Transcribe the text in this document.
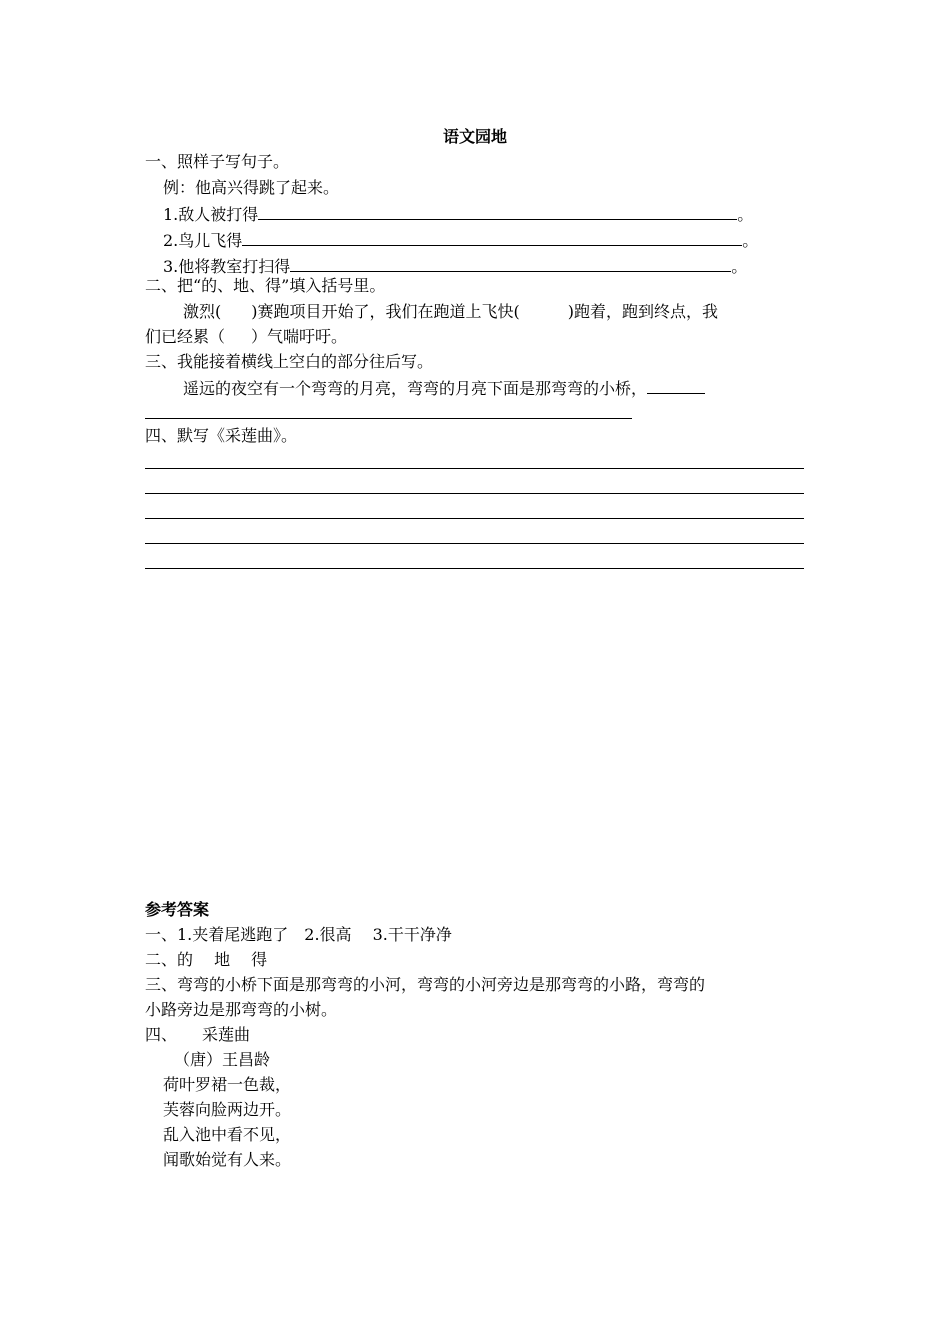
语文园地
一、照样子写句子。
例：他高兴得跳了起来。
1.敌人被打得	。
2.鸟儿飞得	。
3.他将教室打扫得	。
二、把“的、地、得”填入括号里。
激烈( )赛跑项目开始了，我们在跑道上飞快(	)跑着，跑到终点，我
们已经累（ ）气喘吁吁。
三、我能接着横线上空白的部分往后写。
遥远的夜空有一个弯弯的月亮，弯弯的月亮下面是那弯弯的小桥，
四、默写《采莲曲》。
参考答案
一、1.夹着尾逃跑了　2.很高　 3.干干净净
二、的　 地　 得
三、弯弯的小桥下面是那弯弯的小河，弯弯的小河旁边是那弯弯的小路，弯弯的
小路旁边是那弯弯的小树。
四、 采莲曲
（唐）王昌龄
荷叶罗裙一色裁，
芙蓉向脸两边开。
乱入池中看不见，
闻歌始觉有人来。
